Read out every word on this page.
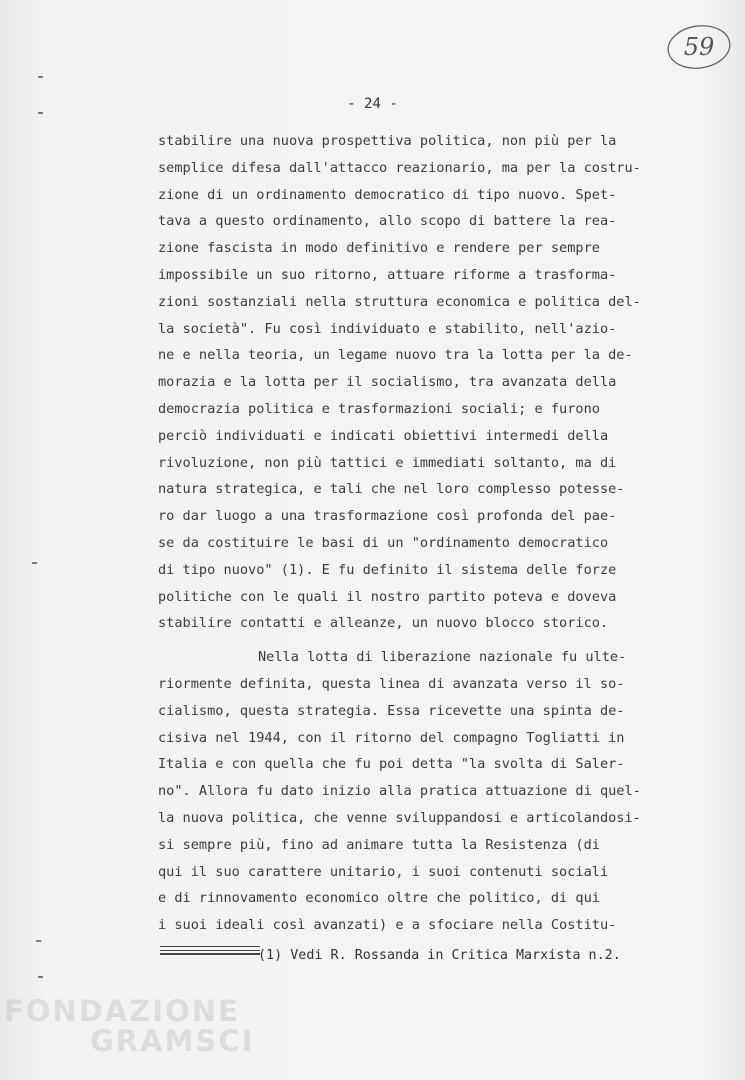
59
- 24 -
stabilire una nuova prospettiva politica, non più per la
semplice difesa dall'attacco reazionario, ma per la costru-
zione di un ordinamento democratico di tipo nuovo. Spet-
tava a questo ordinamento, allo scopo di battere la rea-
zione fascista in modo definitivo e rendere per sempre
impossibile un suo ritorno, attuare riforme a trasforma-
zioni sostanziali nella struttura economica e politica del-
la società". Fu così individuato e stabilito, nell'azio-
ne e nella teoria, un legame nuovo tra la lotta per la de-
morazia e la lotta per il socialismo, tra avanzata della
democrazia politica e trasformazioni sociali; e furono
perciò individuati e indicati obiettivi intermedi della
rivoluzione, non più tattici e immediati soltanto, ma di
natura strategica, e tali che nel loro complesso potesse-
ro dar luogo a una trasformazione così profonda del pae-
se da costituire le basi di un "ordinamento democratico
di tipo nuovo" (1). E fu definito il sistema delle forze
politiche con le quali il nostro partito poteva e doveva
stabilire contatti e alleanze, un nuovo blocco storico.
Nella lotta di liberazione nazionale fu ulte-
riormente definita, questa linea di avanzata verso il so-
cialismo, questa strategia. Essa ricevette una spinta de-
cisiva nel 1944, con il ritorno del compagno Togliatti in
Italia e con quella che fu poi detta "la svolta di Saler-
no". Allora fu dato inizio alla pratica attuazione di quel-
la nuova politica, che venne sviluppandosi e articolandosi-
si sempre più, fino ad animare tutta la Resistenza (di
qui il suo carattere unitario, i suoi contenuti sociali
e di rinnovamento economico oltre che politico, di qui
i suoi ideali così avanzati) e a sfociare nella Costitu-
(1) Vedi R. Rossanda in Critica Marxista n.2.
FONDAZIONE
GRAMSCI
